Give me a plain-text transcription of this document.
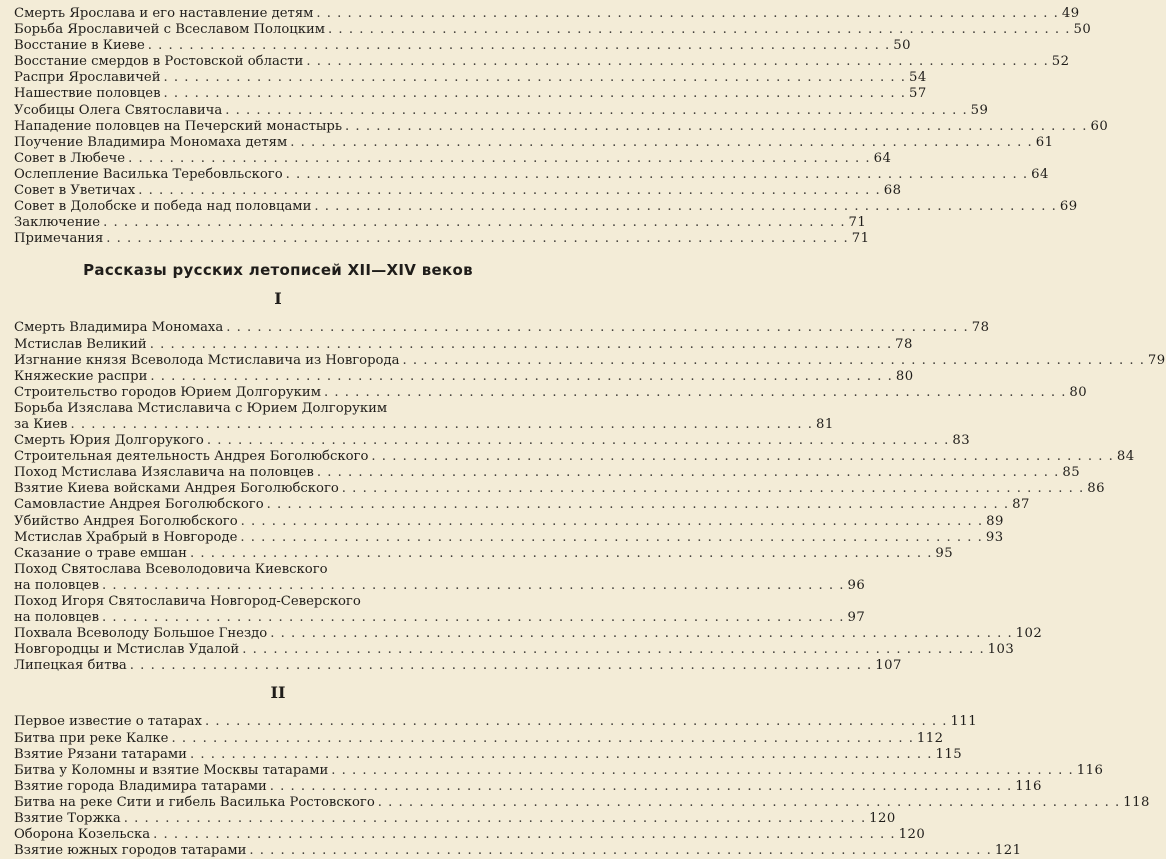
Смерть Ярослава и его наставление детям . . .	49
Борьба Ярославичей с Всеславом Полоцким . . .	50
Восстание в Киеве . . .	50
Восстание смердов в Ростовской области . . .	52
Распри Ярославичей . . .	54
Нашествие половцев . . .	57
Усобицы Олега Святославича . . .	59
Нападение половцев на Печерский монастырь . . .	60
Поучение Владимира Мономаха детям . . .	61
Совет в Любече . . .	64
Ослепление Василька Теребовльского . . .	64
Совет в Уветичах . . .	68
Совет в Долобске и победа над половцами . . .	69
Заключение . . .	71
Примечания . . .	71
Рассказы русских летописей XII—XIV веков
I
Смерть Владимира Мономаха . . .	78
Мстислав Великий . . .	78
Изгнание князя Всеволода Мстиславича из Новгорода . . .	79
Княжеские распри . . .	80
Строительство городов Юрием Долгоруким . . .	80
Борьба Изяслава Мстиславича с Юрием Долгоруким
за Киев . . .	81
Смерть Юрия Долгорукого . . .	83
Строительная деятельность Андрея Боголюбского . . .	84
Поход Мстислава Изяславича на половцев . . .	85
Взятие Киева войсками Андрея Боголюбского . . .	86
Самовластие Андрея Боголюбского . . .	87
Убийство Андрея Боголюбского . . .	89
Мстислав Храбрый в Новгороде . . .	93
Сказание о траве емшан . . .	95
Поход Святослава Всеволодовича Киевского
на половцев . . .	96
Поход Игоря Святославича Новгород-Северского
на половцев . . .	97
Похвала Всеволоду Большое Гнездо . . .	102
Новгородцы и Мстислав Удалой . . .	103
Липецкая битва . . .	107
II
Первое известие о татарах . . .	111
Битва при реке Калке . . .	112
Взятие Рязани татарами . . .	115
Битва у Коломны и взятие Москвы татарами . . .	116
Взятие города Владимира татарами . . .	116
Битва на реке Сити и гибель Василька Ростовского . . .	118
Взятие Торжка . . .	120
Оборона Козельска . . .	120
Взятие южных городов татарами . . .	121
